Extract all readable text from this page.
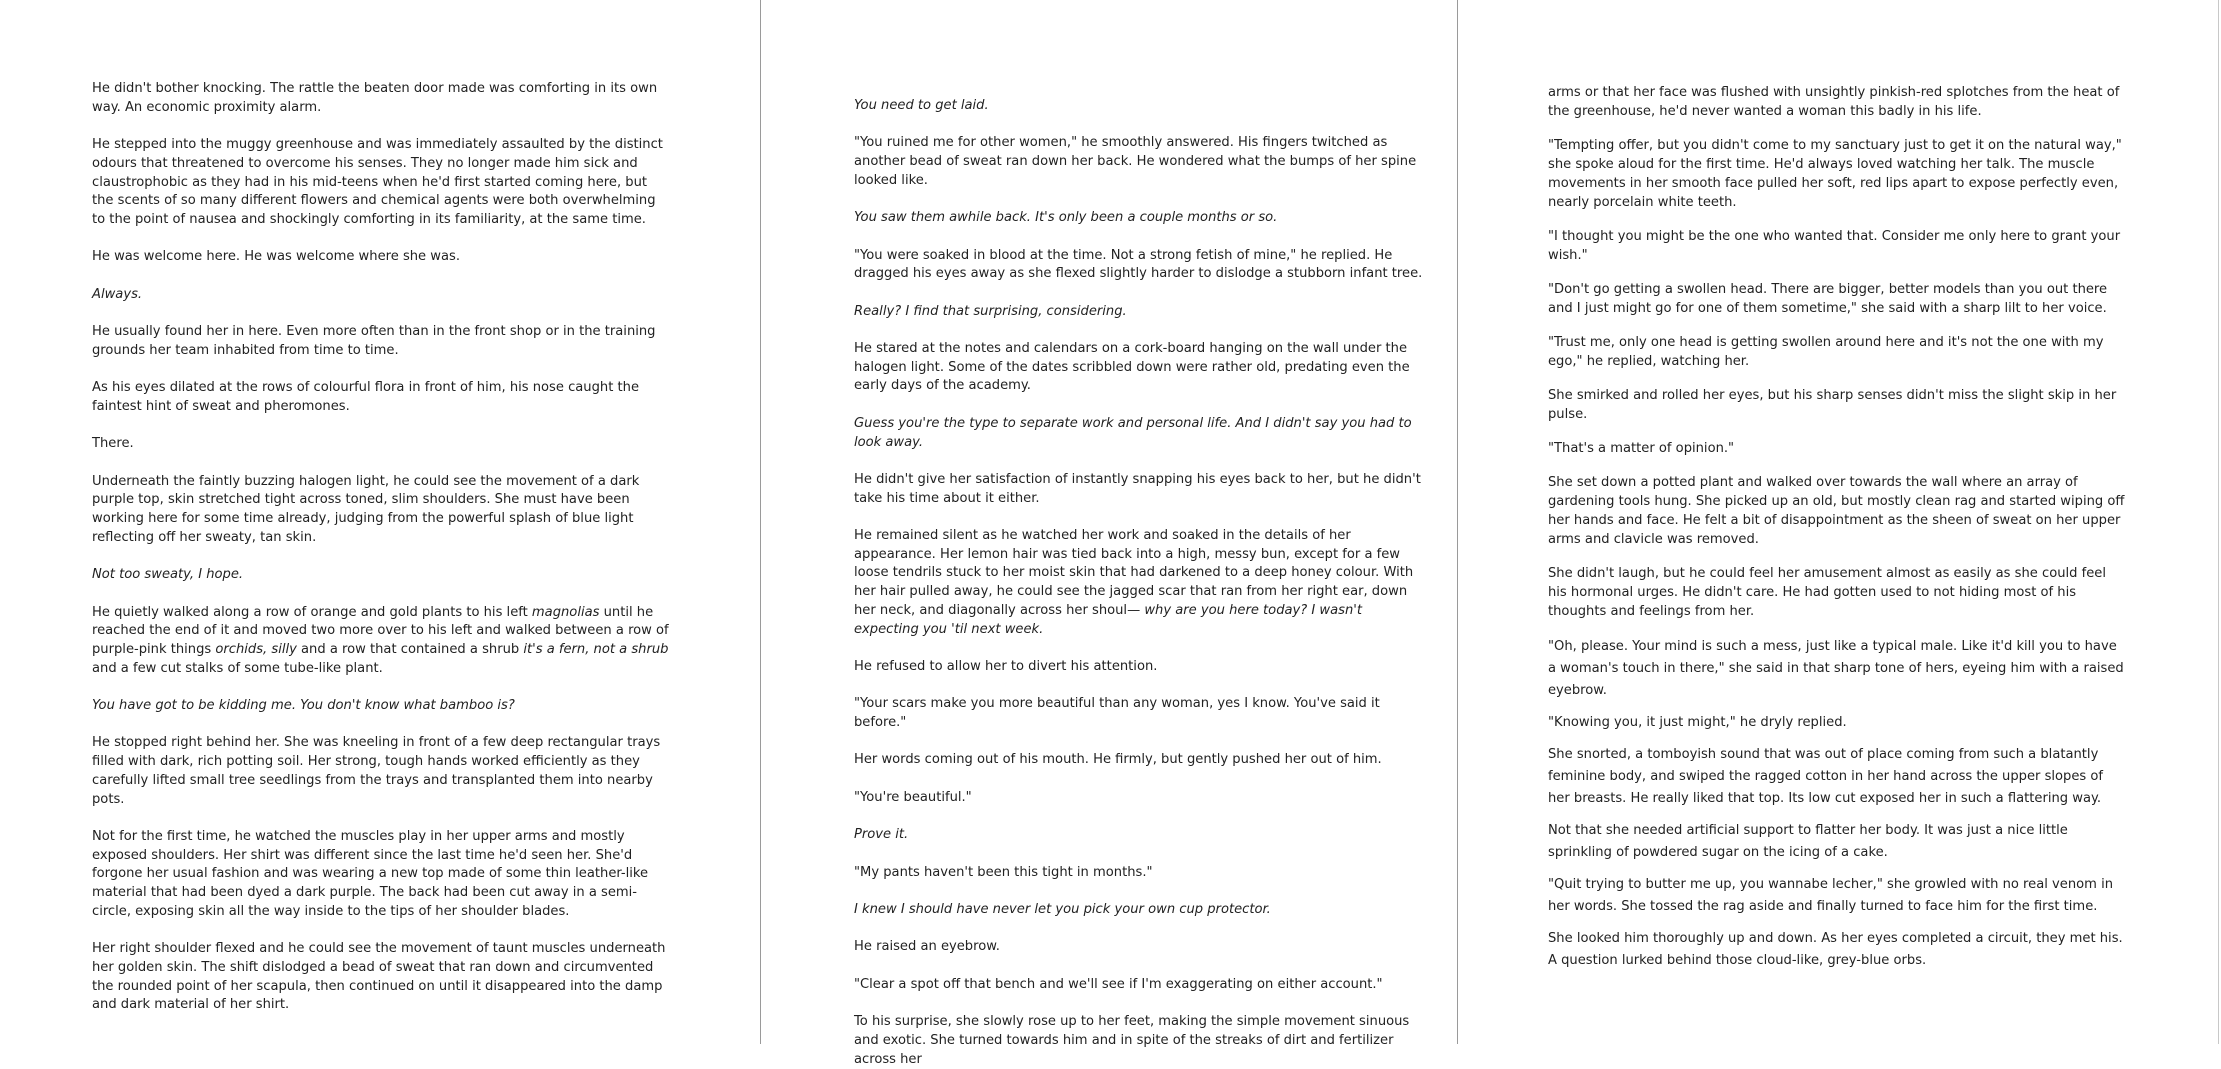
He didn't bother knocking. The rattle the beaten door made was comforting in its own way. An economic proximity alarm.

He stepped into the muggy greenhouse and was immediately assaulted by the distinct odours that threatened to overcome his senses. They no longer made him sick and claustrophobic as they had in his mid-teens when he'd first started coming here, but the scents of so many different flowers and chemical agents were both overwhelming to the point of nausea and shockingly comforting in its familiarity, at the same time.

He was welcome here. He was welcome where she was.

Always.

He usually found her in here. Even more often than in the front shop or in the training grounds her team inhabited from time to time.

As his eyes dilated at the rows of colourful flora in front of him, his nose caught the faintest hint of sweat and pheromones.

There.

Underneath the faintly buzzing halogen light, he could see the movement of a dark purple top, skin stretched tight across toned, slim shoulders. She must have been working here for some time already, judging from the powerful splash of blue light reflecting off her sweaty, tan skin.

Not too sweaty, I hope.

He quietly walked along a row of orange and gold plants to his left magnolias until he reached the end of it and moved two more over to his left and walked between a row of purple-pink things orchids, silly and a row that contained a shrub it's a fern, not a shrub and a few cut stalks of some tube-like plant.

You have got to be kidding me. You don't know what bamboo is?

He stopped right behind her. She was kneeling in front of a few deep rectangular trays filled with dark, rich potting soil. Her strong, tough hands worked efficiently as they carefully lifted small tree seedlings from the trays and transplanted them into nearby pots.

Not for the first time, he watched the muscles play in her upper arms and mostly exposed shoulders. Her shirt was different since the last time he'd seen her. She'd forgone her usual fashion and was wearing a new top made of some thin leather-like material that had been dyed a dark purple. The back had been cut away in a semi-circle, exposing skin all the way inside to the tips of her shoulder blades.

Her right shoulder flexed and he could see the movement of taunt muscles underneath her golden skin. The shift dislodged a bead of sweat that ran down and circumvented the rounded point of her scapula, then continued on until it disappeared into the damp and dark material of her shirt.

You need to get laid.

"You ruined me for other women," he smoothly answered. His fingers twitched as another bead of sweat ran down her back. He wondered what the bumps of her spine looked like.

You saw them awhile back. It's only been a couple months or so.

"You were soaked in blood at the time. Not a strong fetish of mine," he replied. He dragged his eyes away as she flexed slightly harder to dislodge a stubborn infant tree.

Really? I find that surprising, considering.

He stared at the notes and calendars on a cork-board hanging on the wall under the halogen light. Some of the dates scribbled down were rather old, predating even the early days of the academy.

Guess you're the type to separate work and personal life. And I didn't say you had to look away.

He didn't give her satisfaction of instantly snapping his eyes back to her, but he didn't take his time about it either.

He remained silent as he watched her work and soaked in the details of her appearance. Her lemon hair was tied back into a high, messy bun, except for a few loose tendrils stuck to her moist skin that had darkened to a deep honey colour. With her hair pulled away, he could see the jagged scar that ran from her right ear, down her neck, and diagonally across her shoul— why are you here today? I wasn't expecting you 'til next week.

He refused to allow her to divert his attention.

"Your scars make you more beautiful than any woman, yes I know. You've said it before."

Her words coming out of his mouth. He firmly, but gently pushed her out of him.

"You're beautiful."

Prove it.

"My pants haven't been this tight in months."

I knew I should have never let you pick your own cup protector.

He raised an eyebrow.

"Clear a spot off that bench and we'll see if I'm exaggerating on either account."

To his surprise, she slowly rose up to her feet, making the simple movement sinuous and exotic. She turned towards him and in spite of the streaks of dirt and fertilizer across her

arms or that her face was flushed with unsightly pinkish-red splotches from the heat of the greenhouse, he'd never wanted a woman this badly in his life.

"Tempting offer, but you didn't come to my sanctuary just to get it on the natural way," she spoke aloud for the first time. He'd always loved watching her talk. The muscle movements in her smooth face pulled her soft, red lips apart to expose perfectly even, nearly porcelain white teeth.

"I thought you might be the one who wanted that. Consider me only here to grant your wish."

"Don't go getting a swollen head. There are bigger, better models than you out there and I just might go for one of them sometime," she said with a sharp lilt to her voice.

"Trust me, only one head is getting swollen around here and it's not the one with my ego," he replied, watching her.

She smirked and rolled her eyes, but his sharp senses didn't miss the slight skip in her pulse.

"That's a matter of opinion."

She set down a potted plant and walked over towards the wall where an array of gardening tools hung. She picked up an old, but mostly clean rag and started wiping off her hands and face. He felt a bit of disappointment as the sheen of sweat on her upper arms and clavicle was removed.

She didn't laugh, but he could feel her amusement almost as easily as she could feel his hormonal urges. He didn't care. He had gotten used to not hiding most of his thoughts and feelings from her.

"Oh, please. Your mind is such a mess, just like a typical male. Like it'd kill you to have a woman's touch in there," she said in that sharp tone of hers, eyeing him with a raised eyebrow.

"Knowing you, it just might," he dryly replied.

She snorted, a tomboyish sound that was out of place coming from such a blatantly feminine body, and swiped the ragged cotton in her hand across the upper slopes of her breasts. He really liked that top. Its low cut exposed her in such a flattering way.

Not that she needed artificial support to flatter her body. It was just a nice little sprinkling of powdered sugar on the icing of a cake.

"Quit trying to butter me up, you wannabe lecher," she growled with no real venom in her words. She tossed the rag aside and finally turned to face him for the first time.

She looked him thoroughly up and down. As her eyes completed a circuit, they met his. A question lurked behind those cloud-like, grey-blue orbs.
